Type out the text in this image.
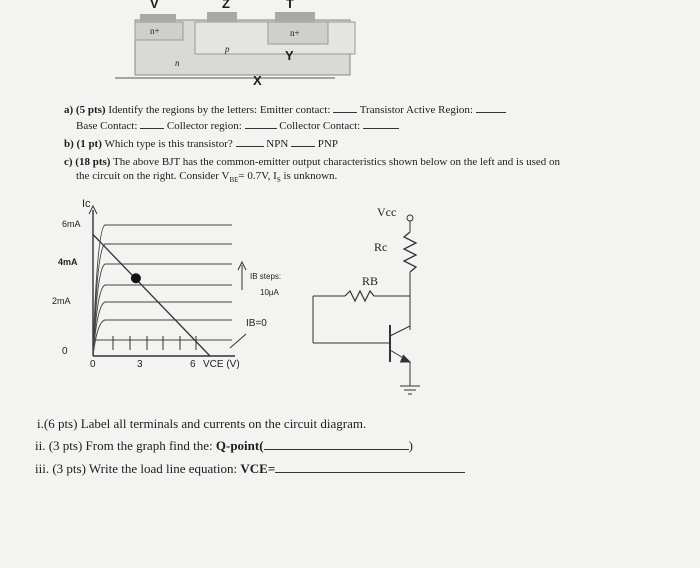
V	Z	T
Y
X
n+	n+
p
n
a) (5 pts) Identify the regions by the letters: Emitter contact:	Transistor Active Region:
Base Contact:	Collector region:	Collector Contact:
b) (1 pt) Which type is this transistor?	NPN	PNP
c) (18 pts) The above BJT has the common-emitter output characteristics shown below on the left and is used on
the circuit on the right. Consider $V_{BE}= 0.7V$, $I_S$ is unknown.
Ic
6mA
4mA
2mA
0
0	3	6 VCE (V)
IB steps:
10µA
IB=0
Vcc
Rc
RB
i.(6 pts) Label all terminals and currents on the circuit diagram.
ii. (3 pts) From the graph find the: Q-point(	)
iii. (3 pts) Write the load line equation: VCE=
